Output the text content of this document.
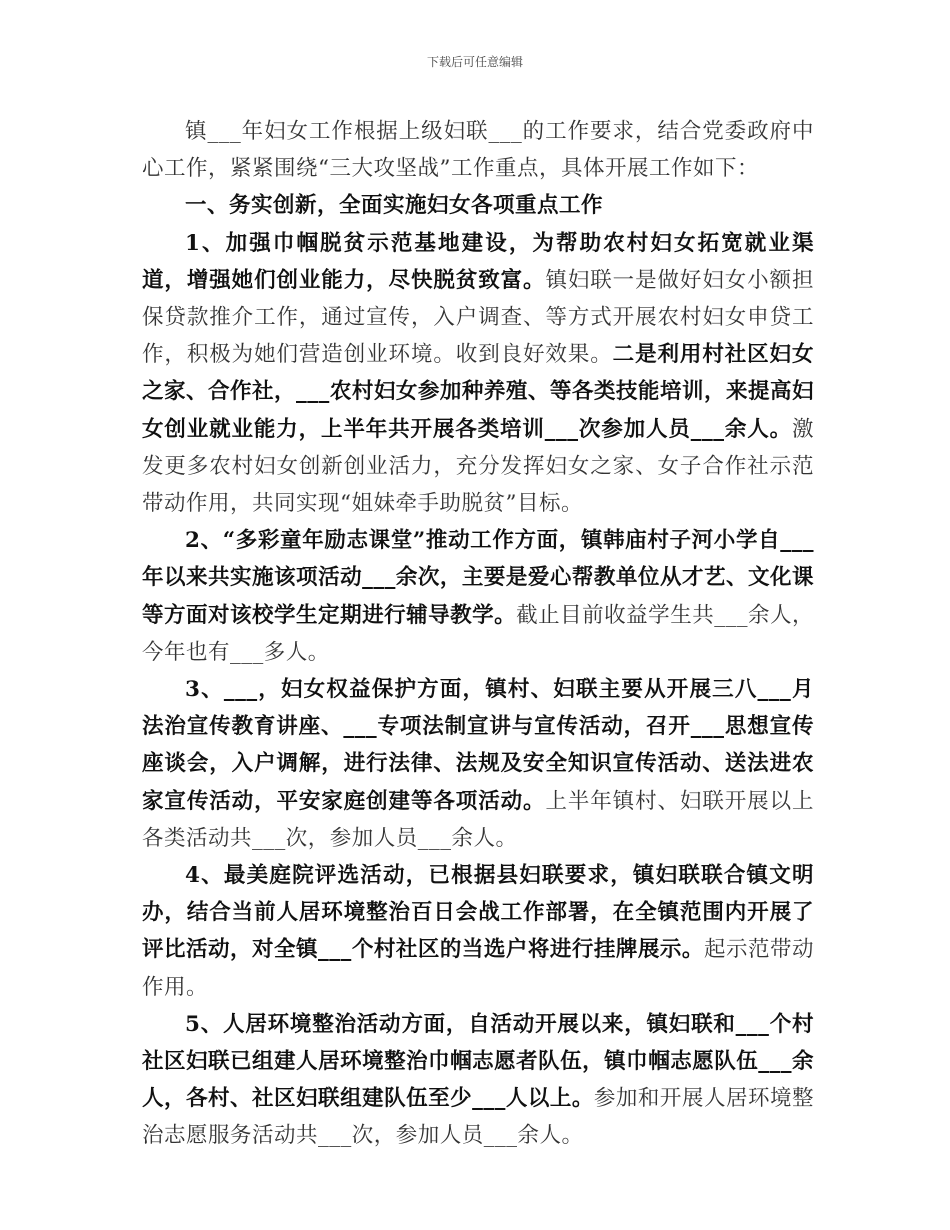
下载后可任意编辑

镇___年妇女工作根据上级妇联___的工作要求，结合党委政府中心工作，紧紧围绕“三大攻坚战”工作重点，具体开展工作如下：

一、务实创新，全面实施妇女各项重点工作

1、加强巾帼脱贫示范基地建设，为帮助农村妇女拓宽就业渠道，增强她们创业能力，尽快脱贫致富。镇妇联一是做好妇女小额担保贷款推介工作，通过宣传，入户调查、等方式开展农村妇女申贷工作，积极为她们营造创业环境。收到良好效果。二是利用村社区妇女之家、合作社，___农村妇女参加种养殖、等各类技能培训，来提高妇女创业就业能力，上半年共开展各类培训___次参加人员___余人。激发更多农村妇女创新创业活力，充分发挥妇女之家、女子合作社示范带动作用，共同实现“姐妹牵手助脱贫”目标。

2、“多彩童年励志课堂”推动工作方面，镇韩庙村子河小学自___年以来共实施该项活动___余次，主要是爱心帮教单位从才艺、文化课等方面对该校学生定期进行辅导教学。截止目前收益学生共___余人，今年也有___多人。

3、___，妇女权益保护方面，镇村、妇联主要从开展三八___月法治宣传教育讲座、___专项法制宣讲与宣传活动，召开___思想宣传座谈会，入户调解，进行法律、法规及安全知识宣传活动、送法进农家宣传活动，平安家庭创建等各项活动。上半年镇村、妇联开展以上各类活动共___次，参加人员___余人。

4、最美庭院评选活动，已根据县妇联要求，镇妇联联合镇文明办，结合当前人居环境整治百日会战工作部署，在全镇范围内开展了评比活动，对全镇___个村社区的当选户将进行挂牌展示。起示范带动作用。

5、人居环境整治活动方面，自活动开展以来，镇妇联和___个村社区妇联已组建人居环境整治巾帼志愿者队伍，镇巾帼志愿队伍___余人，各村、社区妇联组建队伍至少___人以上。参加和开展人居环境整治志愿服务活动共___次，参加人员___余人。
